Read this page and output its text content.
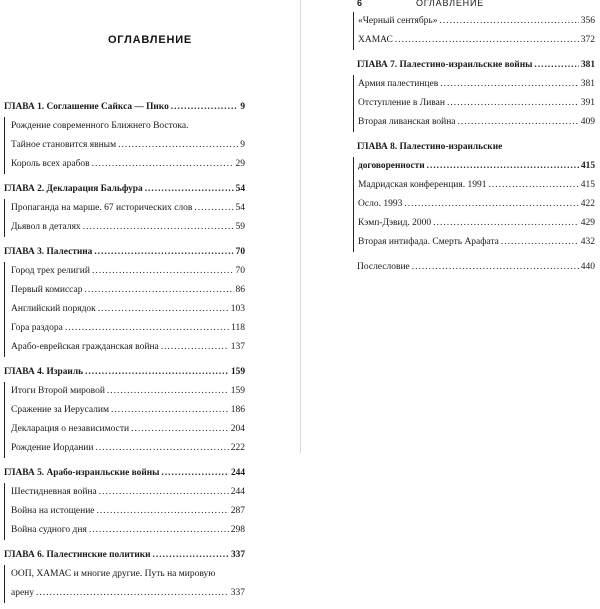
ОГЛАВЛЕНИЕ
ГЛАВА 1. Соглашение Сайкса — Пико .....	9
Рождение современного Ближнего Востока.
Тайное становится явным .....	9
Король всех арабов .....	29
ГЛАВА 2. Декларация Бальфура .....	54
Пропаганда на марше. 67 исторических слов .....	54
Дьявол в деталях .....	59
ГЛАВА 3. Палестина .....	70
Город трех религий .....	70
Первый комиссар .....	86
Английский порядок .....	103
Гора раздора .....	118
Арабо-еврейская гражданская война .....	137
ГЛАВА 4. Израиль .....	159
Итоги Второй мировой .....	159
Сражение за Иерусалим .....	186
Декларация о независимости .....	204
Рождение Иордании .....	222
ГЛАВА 5. Арабо-израильские войны .....	244
Шестидневная война .....	244
Война на истощение .....	287
Война судного дня .....	298
ГЛАВА 6. Палестинские политики .....	337
ООП, ХАМАС и многие другие. Путь на мировую
арену .....	337
6	ОГЛАВЛЕНИЕ
«Черный сентябрь» .....	356
ХАМАС .....	372
ГЛАВА 7. Палестино-израильские войны .....	381
Армия палестинцев .....	381
Отступление в Ливан .....	391
Вторая ливанская война .....	409
ГЛАВА 8. Палестино-израильские
договоренности .....	415
Мадридская конференция. 1991 .....	415
Осло. 1993 .....	422
Кэмп-Дэвид. 2000 .....	429
Вторая интифада. Смерть Арафата .....	432
Послесловие .....	440
